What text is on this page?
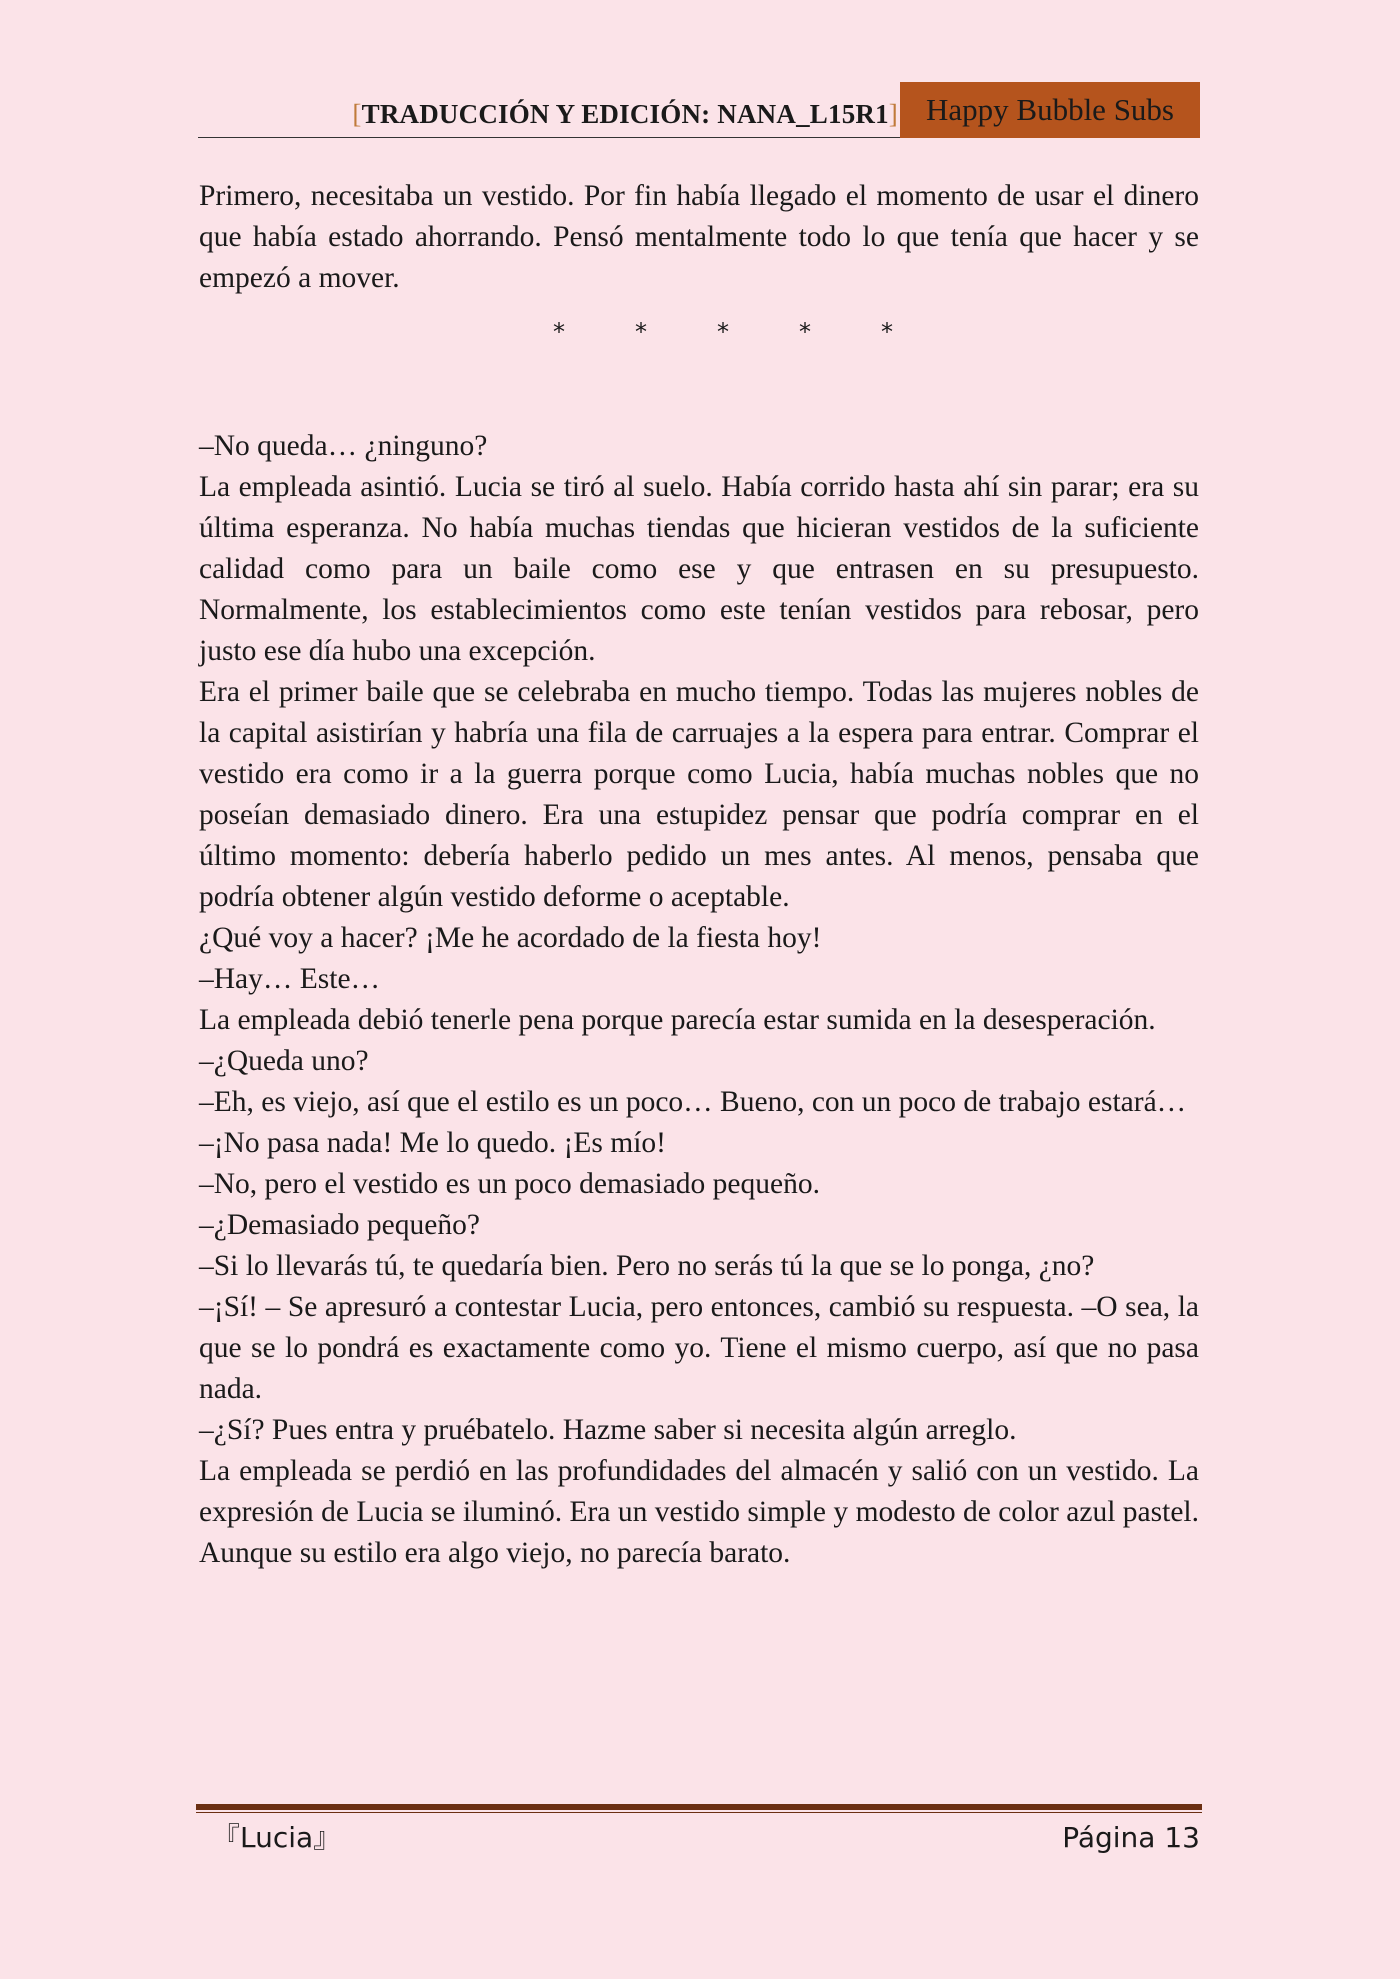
[TRADUCCIÓN Y EDICIÓN: NANA_L15R1] Happy Bubble Subs

Primero, necesitaba un vestido. Por fin había llegado el momento de usar el dinero que había estado ahorrando. Pensó mentalmente todo lo que tenía que hacer y se empezó a mover.

*	*	*	*	*

–No queda… ¿ninguno?

La empleada asintió. Lucia se tiró al suelo. Había corrido hasta ahí sin parar; era su última esperanza. No había muchas tiendas que hicieran vestidos de la suficiente calidad como para un baile como ese y que entrasen en su presupuesto. Normalmente, los establecimientos como este tenían vestidos para rebosar, pero justo ese día hubo una excepción.

Era el primer baile que se celebraba en mucho tiempo. Todas las mujeres nobles de la capital asistirían y habría una fila de carruajes a la espera para entrar. Comprar el vestido era como ir a la guerra porque como Lucia, había muchas nobles que no poseían demasiado dinero. Era una estupidez pensar que podría comprar en el último momento: debería haberlo pedido un mes antes. Al menos, pensaba que podría obtener algún vestido deforme o aceptable.

¿Qué voy a hacer? ¡Me he acordado de la fiesta hoy!

–Hay… Este…

La empleada debió tenerle pena porque parecía estar sumida en la desesperación.

–¿Queda uno?

–Eh, es viejo, así que el estilo es un poco… Bueno, con un poco de trabajo estará…

–¡No pasa nada! Me lo quedo. ¡Es mío!

–No, pero el vestido es un poco demasiado pequeño.

–¿Demasiado pequeño?

–Si lo llevarás tú, te quedaría bien. Pero no serás tú la que se lo ponga, ¿no?

–¡Sí! – Se apresuró a contestar Lucia, pero entonces, cambió su respuesta. –O sea, la que se lo pondrá es exactamente como yo. Tiene el mismo cuerpo, así que no pasa nada.

–¿Sí? Pues entra y pruébatelo. Hazme saber si necesita algún arreglo.

La empleada se perdió en las profundidades del almacén y salió con un vestido. La expresión de Lucia se iluminó. Era un vestido simple y modesto de color azul pastel. Aunque su estilo era algo viejo, no parecía barato.

『Lucia』	Página 13
